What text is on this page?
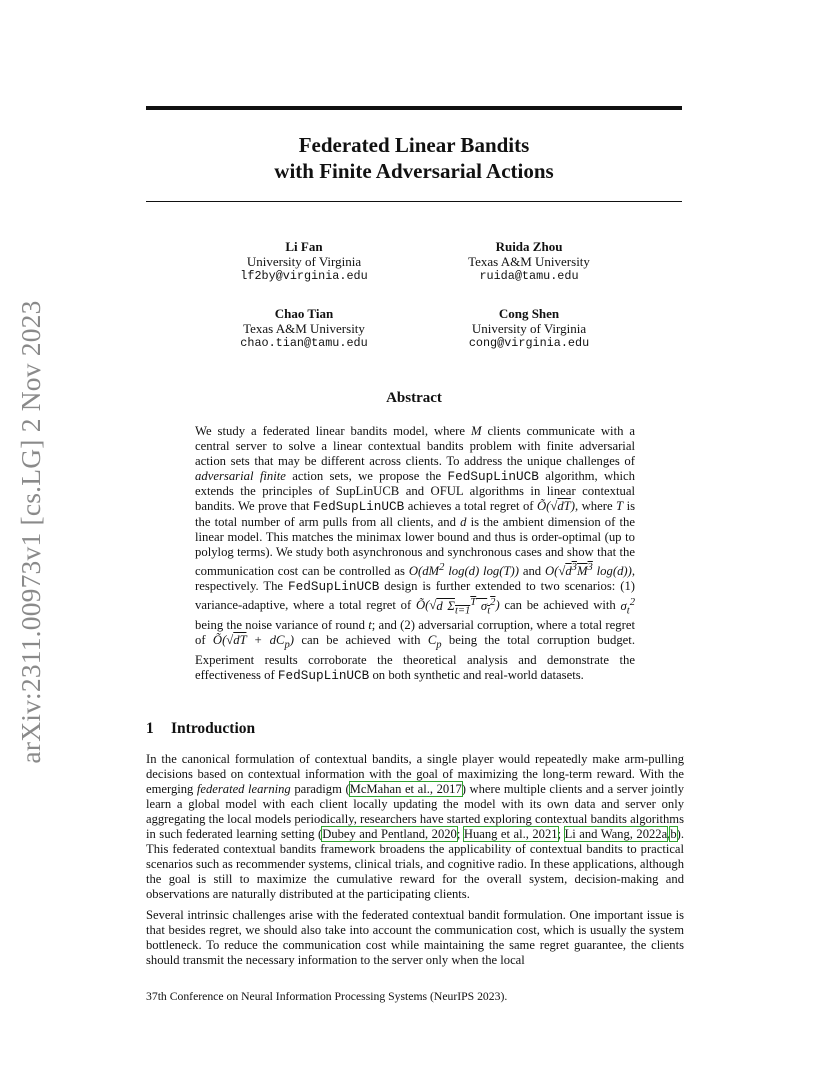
arXiv:2311.00973v1 [cs.LG] 2 Nov 2023
Federated Linear Bandits
with Finite Adversarial Actions
Li Fan
University of Virginia
lf2by@virginia.edu
Ruida Zhou
Texas A&M University
ruida@tamu.edu
Chao Tian
Texas A&M University
chao.tian@tamu.edu
Cong Shen
University of Virginia
cong@virginia.edu
Abstract
We study a federated linear bandits model, where M clients communicate with a central server to solve a linear contextual bandits problem with finite adversarial action sets that may be different across clients. To address the unique challenges of adversarial finite action sets, we propose the FedSupLinUCB algorithm, which extends the principles of SupLinUCB and OFUL algorithms in linear contextual bandits. We prove that FedSupLinUCB achieves a total regret of Õ(√dT), where T is the total number of arm pulls from all clients, and d is the ambient dimension of the linear model. This matches the minimax lower bound and thus is order-optimal (up to polylog terms). We study both asynchronous and synchronous cases and show that the communication cost can be controlled as $O(dM^2$ log(d) log(T)) and $O(√d^3M^3$ log(d)), respectively. The FedSupLinUCB design is further extended to two scenarios: (1) variance-adaptive, where a total regret of Õ(√d $\Sigma_{t=1}^T$ $\sigma_t^2$) can be achieved with $\sigma_t^2$ being the noise variance of round t; and (2) adversarial corruption, where a total regret of Õ(√dT + $dC_p$) can be achieved with $C_p$ being the total corruption budget. Experiment results corroborate the theoretical analysis and demonstrate the effectiveness of FedSupLinUCB on both synthetic and real-world datasets.
1 Introduction
In the canonical formulation of contextual bandits, a single player would repeatedly make arm-pulling decisions based on contextual information with the goal of maximizing the long-term reward. With the emerging federated learning paradigm (McMahan et al., 2017) where multiple clients and a server jointly learn a global model with each client locally updating the model with its own data and server only aggregating the local models periodically, researchers have started exploring contextual bandits algorithms in such federated learning setting (Dubey and Pentland, 2020; Huang et al., 2021; Li and Wang, 2022a,b). This federated contextual bandits framework broadens the applicability of contextual bandits to practical scenarios such as recommender systems, clinical trials, and cognitive radio. In these applications, although the goal is still to maximize the cumulative reward for the overall system, decision-making and observations are naturally distributed at the participating clients.
Several intrinsic challenges arise with the federated contextual bandit formulation. One important issue is that besides regret, we should also take into account the communication cost, which is usually the system bottleneck. To reduce the communication cost while maintaining the same regret guarantee, the clients should transmit the necessary information to the server only when the local
37th Conference on Neural Information Processing Systems (NeurIPS 2023).
